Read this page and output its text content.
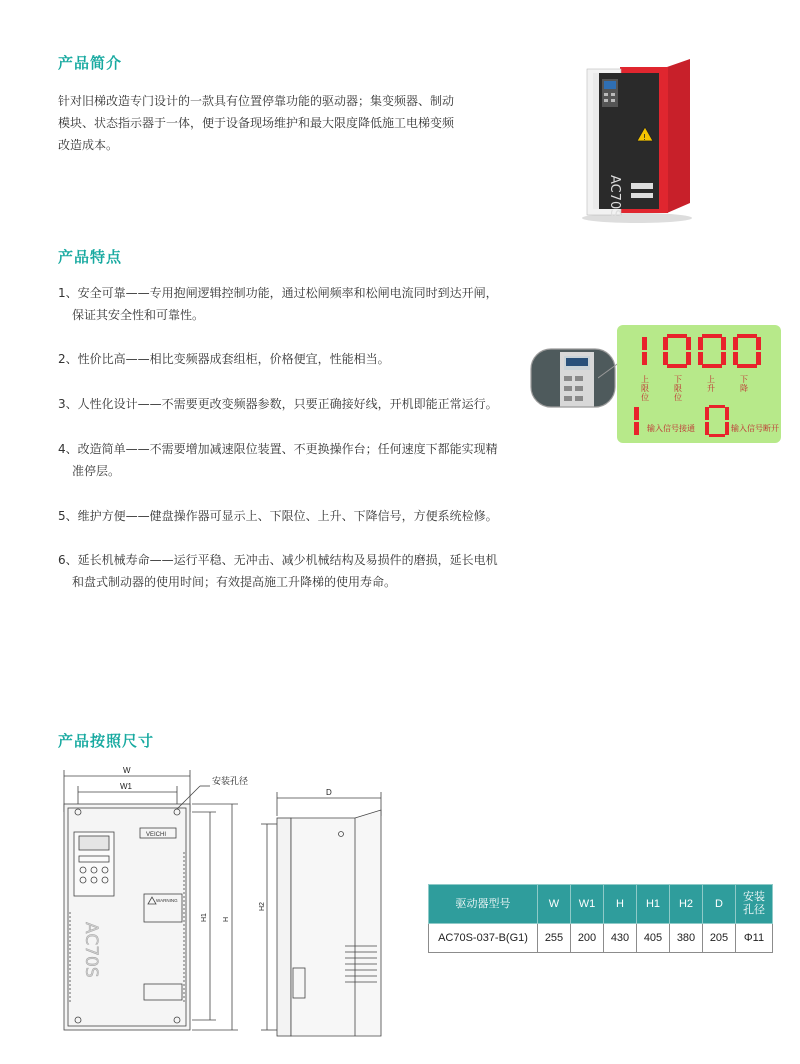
产品简介
针对旧梯改造专门设计的一款具有位置停靠功能的驱动器；集变频器、制动
模块、状态指示器于一体，便于设备现场维护和最大限度降低施工电梯变频
改造成本。
!
AC70S
产品特点
1、安全可靠——专用抱闸逻辑控制功能，通过松闸频率和松闸电流同时到达开闸，
保证其安全性和可靠性。
2、性价比高——相比变频器成套组柜，价格便宜，性能相当。
3、人性化设计——不需要更改变频器参数，只要正确接好线，开机即能正常运行。
4、改造简单——不需要增加减速限位装置、不更换操作台；任何速度下都能实现精
准停层。
5、维护方便——健盘操作器可显示上、下限位、上升、下降信号，方便系统检修。
6、延长机械寿命——运行平稳、无冲击、减少机械结构及易损件的磨损，延长电机
和盘式制动器的使用时间；有效提高施工升降梯的使用寿命。
上限位
下限位
上升
下降
输入信号接通	输入信号断开
产品按照尺寸
W
W1	安装孔径
VEICHI
WARNING
AC70S
H1 H
D
H2	驱动器型号	W	W1	H	H1	H2	D	安装孔径
AC70S-037-B(G1)	255	200	430	405	380	205	Φ11
